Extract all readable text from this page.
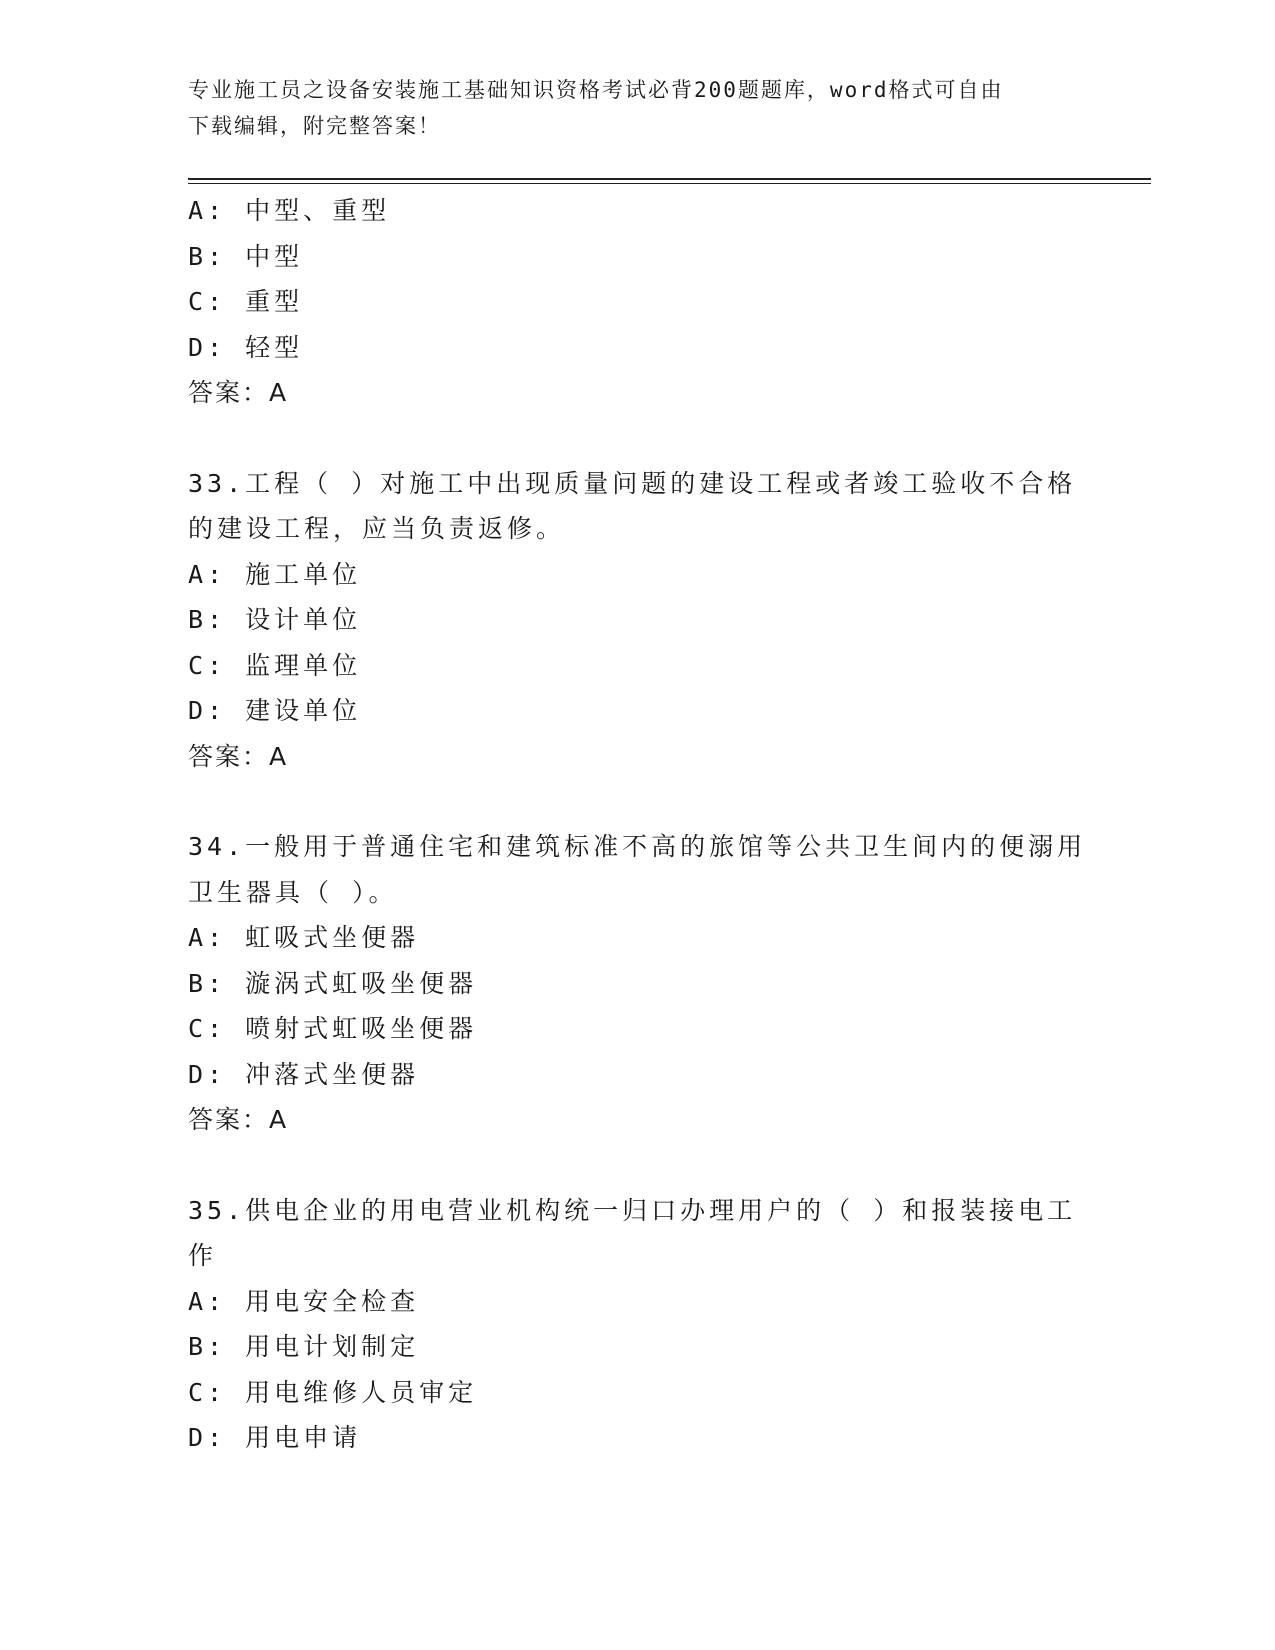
专业施工员之设备安装施工基础知识资格考试必背200题题库，word格式可自由
下载编辑，附完整答案！
A: 中型、重型
B: 中型
C: 重型
D: 轻型
答案：A
33.工程（ ）对施工中出现质量问题的建设工程或者竣工验收不合格
的建设工程，应当负责返修。
A: 施工单位
B: 设计单位
C: 监理单位
D: 建设单位
答案：A
34.一般用于普通住宅和建筑标准不高的旅馆等公共卫生间内的便溺用
卫生器具（ ）。
A: 虹吸式坐便器
B: 漩涡式虹吸坐便器
C: 喷射式虹吸坐便器
D: 冲落式坐便器
答案：A
35.供电企业的用电营业机构统一归口办理用户的（ ）和报装接电工
作
A: 用电安全检查
B: 用电计划制定
C: 用电维修人员审定
D: 用电申请
